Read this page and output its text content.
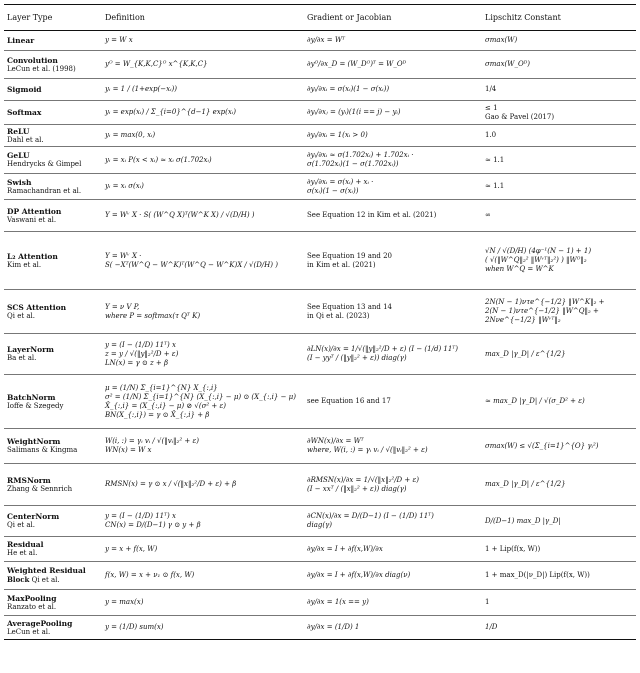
Layer Type	Definition	Gradient or Jacobian	Lipschitz Constant

Linear	y = W x	∂y/∂x = Wᵀ	σmax(W)

Convolution
LeCun et al. (1998)	yᴼ = W_{K,K,C}ᴼ x^{K,K,C}	∂yᴼ/∂x_D = (W_Dᴼ)ᵀ = W_Oᴰ	σmax(W_Oᴰ)

Sigmoid	yᵢ = 1 / (1+exp(−xᵢ))	∂yᵢ/∂xᵢ = σ(xᵢ)(1 − σ(xᵢ))	1/4

Softmax	yᵢ = exp(xᵢ) / Σ_{i=0}^{d−1} exp(xᵢ)	∂yᵢ/∂xⱼ = (yᵢ)(1(i == j) − yᵢ)	≤ 1
Gao & Pavel (2017)

ReLU
Dahl et al.	yᵢ = max(0, xᵢ)	∂yᵢ/∂xᵢ = 1(xᵢ > 0)	1.0

GeLU
Hendrycks & Gimpel	yᵢ = xᵢ P(x < xᵢ) ≈ xᵢ σ(1.702xᵢ)	∂yᵢ/∂xᵢ ≈ σ(1.702xᵢ) + 1.702xᵢ ·
σ(1.702xᵢ)(1 − σ(1.702xᵢ))	≈ 1.1

Swish
Ramachandran et al.	yᵢ = xᵢ σ(xᵢ)	∂yᵢ/∂xᵢ = σ(xᵢ) + xᵢ ·
σ(xᵢ)(1 − σ(xᵢ))	≈ 1.1

DP Attention
Vaswani et al.	Y = Wᵛ X · S( (W^Q X)ᵀ(W^K X) / √(D/H) )	See Equation 12 in Kim et al. (2021)	∞

L₂ Attention
Kim et al.	Y = Wᵛ X ·
S( −Xᵀ(W^Q − W^K)ᵀ(W^Q − W^K)X / √(D/H) )	See Equation 19 and 20
in Kim et al. (2021)	√N / √(D/H) (4φ⁻¹(N − 1) + 1)
( √(‖W^Q‖₂² ‖Wᵛᵀ‖₂²) ) ‖Wᴼ‖₂
when W^Q = W^K

SCS Attention
Qi et al.	Y = ν V P,
where P = softmax(τ Qᵀ K)	See Equation 13 and 14
in Qi et al. (2023)	2N(N − 1)ντe^{−1/2} ‖W^K‖₂ +
2(N − 1)ντe^{−1/2} ‖W^Q‖₂ +
2Nνe^{−1/2} ‖Wᵛᵀ‖₂

LayerNorm
Ba et al.	y = (I − (1/D) 11ᵀ) x
z = y / √(‖y‖₂²/D + ε)
LN(x) = γ ⊙ z + β	∂LN(x)/∂x = 1/√(‖y‖₂²/D + ε) (I − (1/d) 11ᵀ)
(I − yyᵀ / (‖y‖₂² + ε)) diag(γ)	max_D |γ_D| / ε^{1/2}

BatchNorm
Ioffe & Szegedy	μ = (1/N) Σ_{i=1}^{N} X_{:,i}
σ² = (1/N) Σ_{i=1}^{N} (X_{:,i} − μ) ⊙ (X_{:,i} − μ)
X̂_{:,i} = (X_{:,i} − μ) ⊘ √(σ² + ε)
BN(X_{:,i}) = γ ⊙ X̂_{:,i} + β	see Equation 16 and 17	≈ max_D |γ_D| / √(σ_D² + ε)

WeightNorm
Salimans & Kingma	W(i, :) = γᵢ vᵢ / √(‖vᵢ‖₂² + ε)
WN(x) = W x	∂WN(x)/∂x = Wᵀ
where, W(i, :) = γᵢ vᵢ / √(‖vᵢ‖₂² + ε)	σmax(W) ≤ √(Σ_{i=1}^{O} γᵢ²)

RMSNorm
Zhang & Sennrich	RMSN(x) = γ ⊙ x / √(‖x‖₂²/D + ε) + β	∂RMSN(x)/∂x = 1/√(‖x‖₂²/D + ε)
(I − xxᵀ / (‖x‖₂² + ε)) diag(γ)	max_D |γ_D| / ε^{1/2}

CenterNorm
Qi et al.	y = (I − (1/D) 11ᵀ) x
CN(x) = D/(D−1) γ ⊙ y + β	∂CN(x)/∂x = D/(D−1) (I − (1/D) 11ᵀ)
diag(γ)	D/(D−1) max_D |γ_D|

Residual
He et al.	y = x + f(x, W)	∂y/∂x = I + ∂f(x,W)/∂x	1 + Lip(f(x, W))

Weighted Residual
Block Qi et al.	f(x, W) = x + ν₁ ⊙ f(x, W)	∂y/∂x = I + ∂f(x,W)/∂x diag(ν)	1 + max_D(|ν_D|) Lip(f(x, W))

MaxPooling
Ranzato et al.	y = max(x)	∂y/∂x = 1(x == y)	1

AveragePooling
LeCun et al.	y = (1/D) sum(x)	∂y/∂x = (1/D) 1	1/D
